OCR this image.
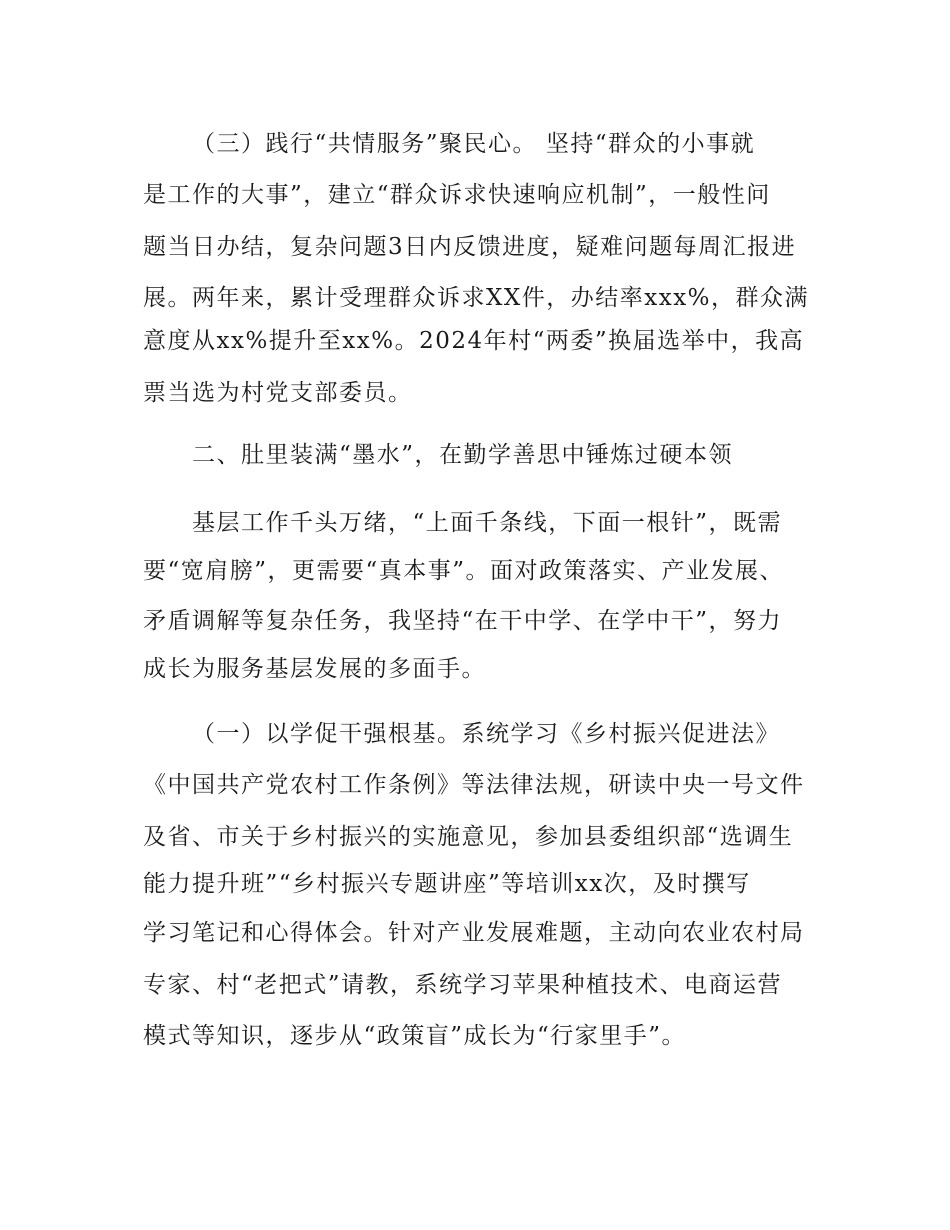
（三）践行“共情服务”聚民心。 坚持“群众的小事就
是工作的大事”，建立“群众诉求快速响应机制”，一般性问
题当日办结，复杂问题3日内反馈进度，疑难问题每周汇报进
展。两年来，累计受理群众诉求XX件，办结率xxx%，群众满
意度从xx%提升至xx%。2024年村“两委”换届选举中，我高
票当选为村党支部委员。
二、肚里装满“墨水”，在勤学善思中锤炼过硬本领
基层工作千头万绪，“上面千条线，下面一根针”，既需
要“宽肩膀”，更需要“真本事”。面对政策落实、产业发展、
矛盾调解等复杂任务，我坚持“在干中学、在学中干”，努力
成长为服务基层发展的多面手。
（一）以学促干强根基。系统学习《乡村振兴促进法》
《中国共产党农村工作条例》等法律法规，研读中央一号文件
及省、市关于乡村振兴的实施意见，参加县委组织部“选调生
能力提升班”“乡村振兴专题讲座”等培训xx次，及时撰写
学习笔记和心得体会。针对产业发展难题，主动向农业农村局
专家、村“老把式”请教，系统学习苹果种植技术、电商运营
模式等知识，逐步从“政策盲”成长为“行家里手”。
